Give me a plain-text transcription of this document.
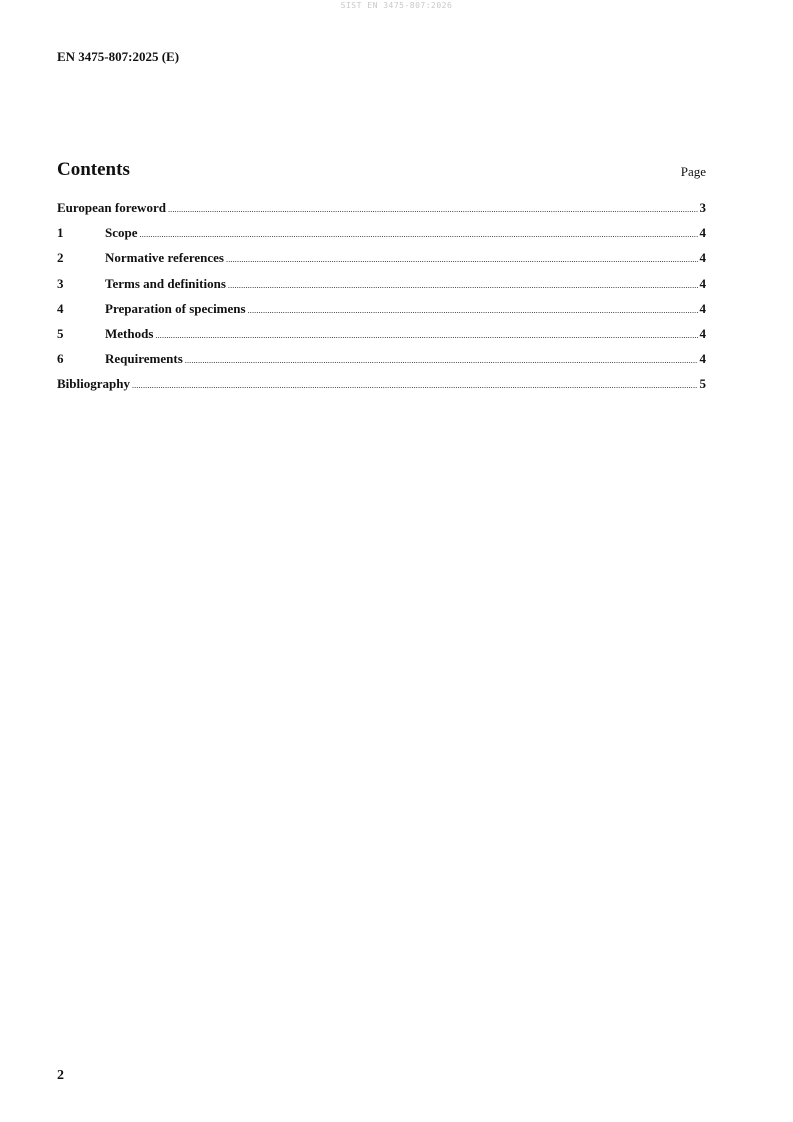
SIST EN 3475-807:2026
EN 3475-807:2025 (E)
Contents	Page
European foreword .....	3
1	Scope .....	4
2	Normative references .....	4
3	Terms and definitions .....	4
4	Preparation of specimens .....	4
5	Methods .....	4
6	Requirements .....	4
Bibliography .....	5
2
